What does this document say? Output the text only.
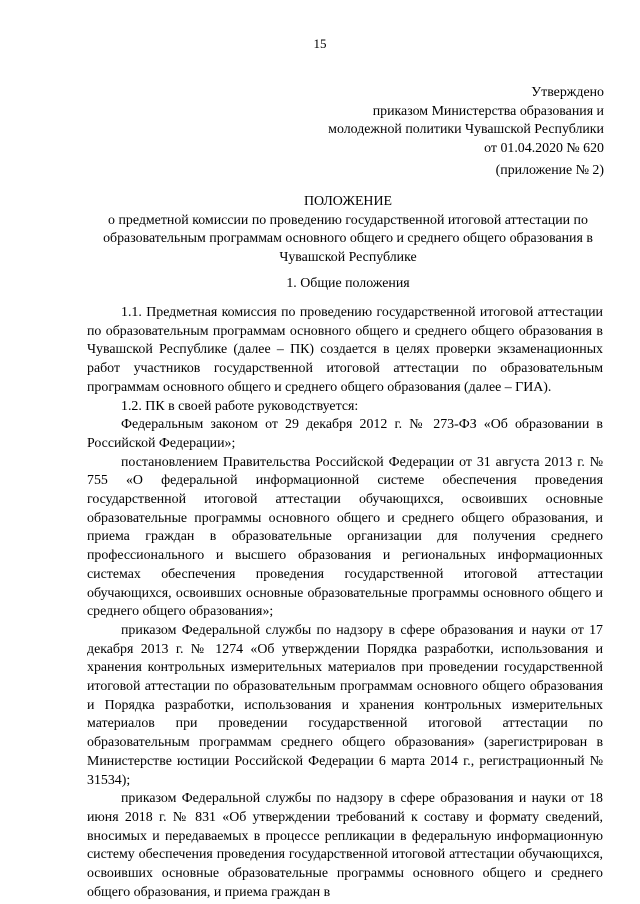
15
Утверждено
приказом Министерства образования и
молодежной политики Чувашской Республики
от 01.04.2020 № 620
(приложение № 2)
ПОЛОЖЕНИЕ
о предметной комиссии по проведению государственной итоговой аттестации по
образовательным программам основного общего и среднего общего образования в
Чувашской Республике
1. Общие положения

1.1. Предметная комиссия по проведению государственной итоговой аттестации по образовательным программам основного общего и среднего общего образования в Чувашской Республике (далее – ПК) создается в целях проверки экзаменационных работ участников государственной итоговой аттестации по образовательным программам основного общего и среднего общего образования (далее – ГИА).

1.2. ПК в своей работе руководствуется:

Федеральным законом от 29 декабря 2012 г. № 273-ФЗ «Об образовании в Российской Федерации»;

постановлением Правительства Российской Федерации от 31 августа 2013 г. № 755 «О федеральной информационной системе обеспечения проведения государственной итоговой аттестации обучающихся, освоивших основные образовательные программы основного общего и среднего общего образования, и приема граждан в образовательные организации для получения среднего профессионального и высшего образования и региональных информационных системах обеспечения проведения государственной итоговой аттестации обучающихся, освоивших основные образовательные программы основного общего и среднего общего образования»;

приказом Федеральной службы по надзору в сфере образования и науки от 17 декабря 2013 г. № 1274 «Об утверждении Порядка разработки, использования и хранения контрольных измерительных материалов при проведении государственной итоговой аттестации по образовательным программам основного общего образования и Порядка разработки, использования и хранения контрольных измерительных материалов при проведении государственной итоговой аттестации по образовательным программам среднего общего образования» (зарегистрирован в Министерстве юстиции Российской Федерации 6 марта 2014 г., регистрационный № 31534);

приказом Федеральной службы по надзору в сфере образования и науки от 18 июня 2018 г. № 831 «Об утверждении требований к составу и формату сведений, вносимых и передаваемых в процессе репликации в федеральную информационную систему обеспечения проведения государственной итоговой аттестации обучающихся, освоивших основные образовательные программы основного общего и среднего общего образования, и приема граждан в
